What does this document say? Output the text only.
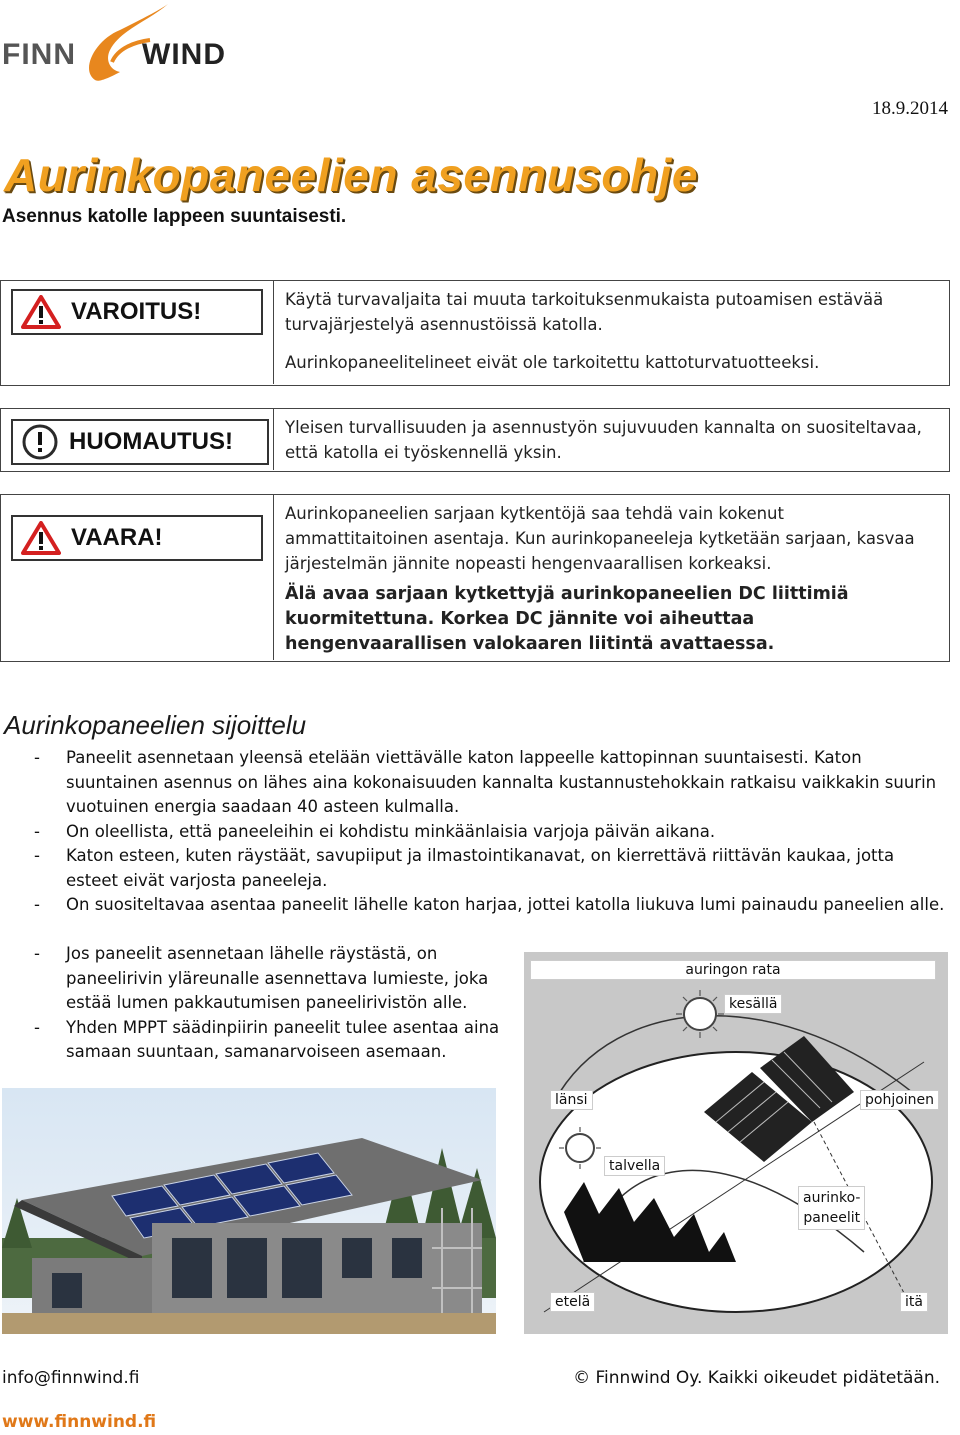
FINN WIND
18.9.2014
Aurinkopaneelien asennusohje
Asennus katolle lappeen suuntaisesti.
VAROITUS!	Käytä turvavaljaita tai muuta tarkoituksenmukaista putoamisen estävää turvajärjestelyä asennustöissä katolla.
Aurinkopaneelitelineet eivät ole tarkoitettu kattoturvatuotteeksi.
HUOMAUTUS!
Yleisen turvallisuuden ja asennustyön sujuvuuden kannalta on suositeltavaa, että katolla ei työskennellä yksin.
VAARA!
Aurinkopaneelien sarjaan kytkentöjä saa tehdä vain kokenut ammattitaitoinen asentaja. Kun aurinkopaneeleja kytketään sarjaan, kasvaa järjestelmän jännite nopeasti hengenvaarallisen korkeaksi.
Älä avaa sarjaan kytkettyjä aurinkopaneelien DC liittimiä kuormitettuna. Korkea DC jännite voi aiheuttaa hengenvaarallisen valokaaren liitintä avattaessa.
Aurinkopaneelien sijoittelu
- Paneelit asennetaan yleensä etelään viettävälle katon lappeelle kattopinnan suuntaisesti. Katon suuntainen asennus on lähes aina kokonaisuuden kannalta kustannustehokkain ratkaisu vaikkakin suurin vuotuinen energia saadaan 40 asteen kulmalla.
- On oleellista, että paneeleihin ei kohdistu minkäänlaisia varjoja päivän aikana.
- Katon esteen, kuten räystäät, savupiiput ja ilmastointikanavat, on kierrettävä riittävän kaukaa, jotta esteet eivät varjosta paneeleja.
- On suositeltavaa asentaa paneelit lähelle katon harjaa, jottei katolla liukuva lumi painaudu paneelien alle.
- Jos paneelit asennetaan lähelle räystästä, on paneelirivin yläreunalle asennettava lumieste, joka estää lumen pakkautumisen paneelirivistön alle.
- Yhden MPPT säädinpiirin paneelit tulee asentaa aina samaan suuntaan, samanarvoiseen asemaan.
auringon rata
kesällä
länsi	pohjoinen
talvella
aurinko-
paneelit
etelä	itä
info@finnwind.fi	© Finnwind Oy. Kaikki oikeudet pidätetään.
www.finnwind.fi
